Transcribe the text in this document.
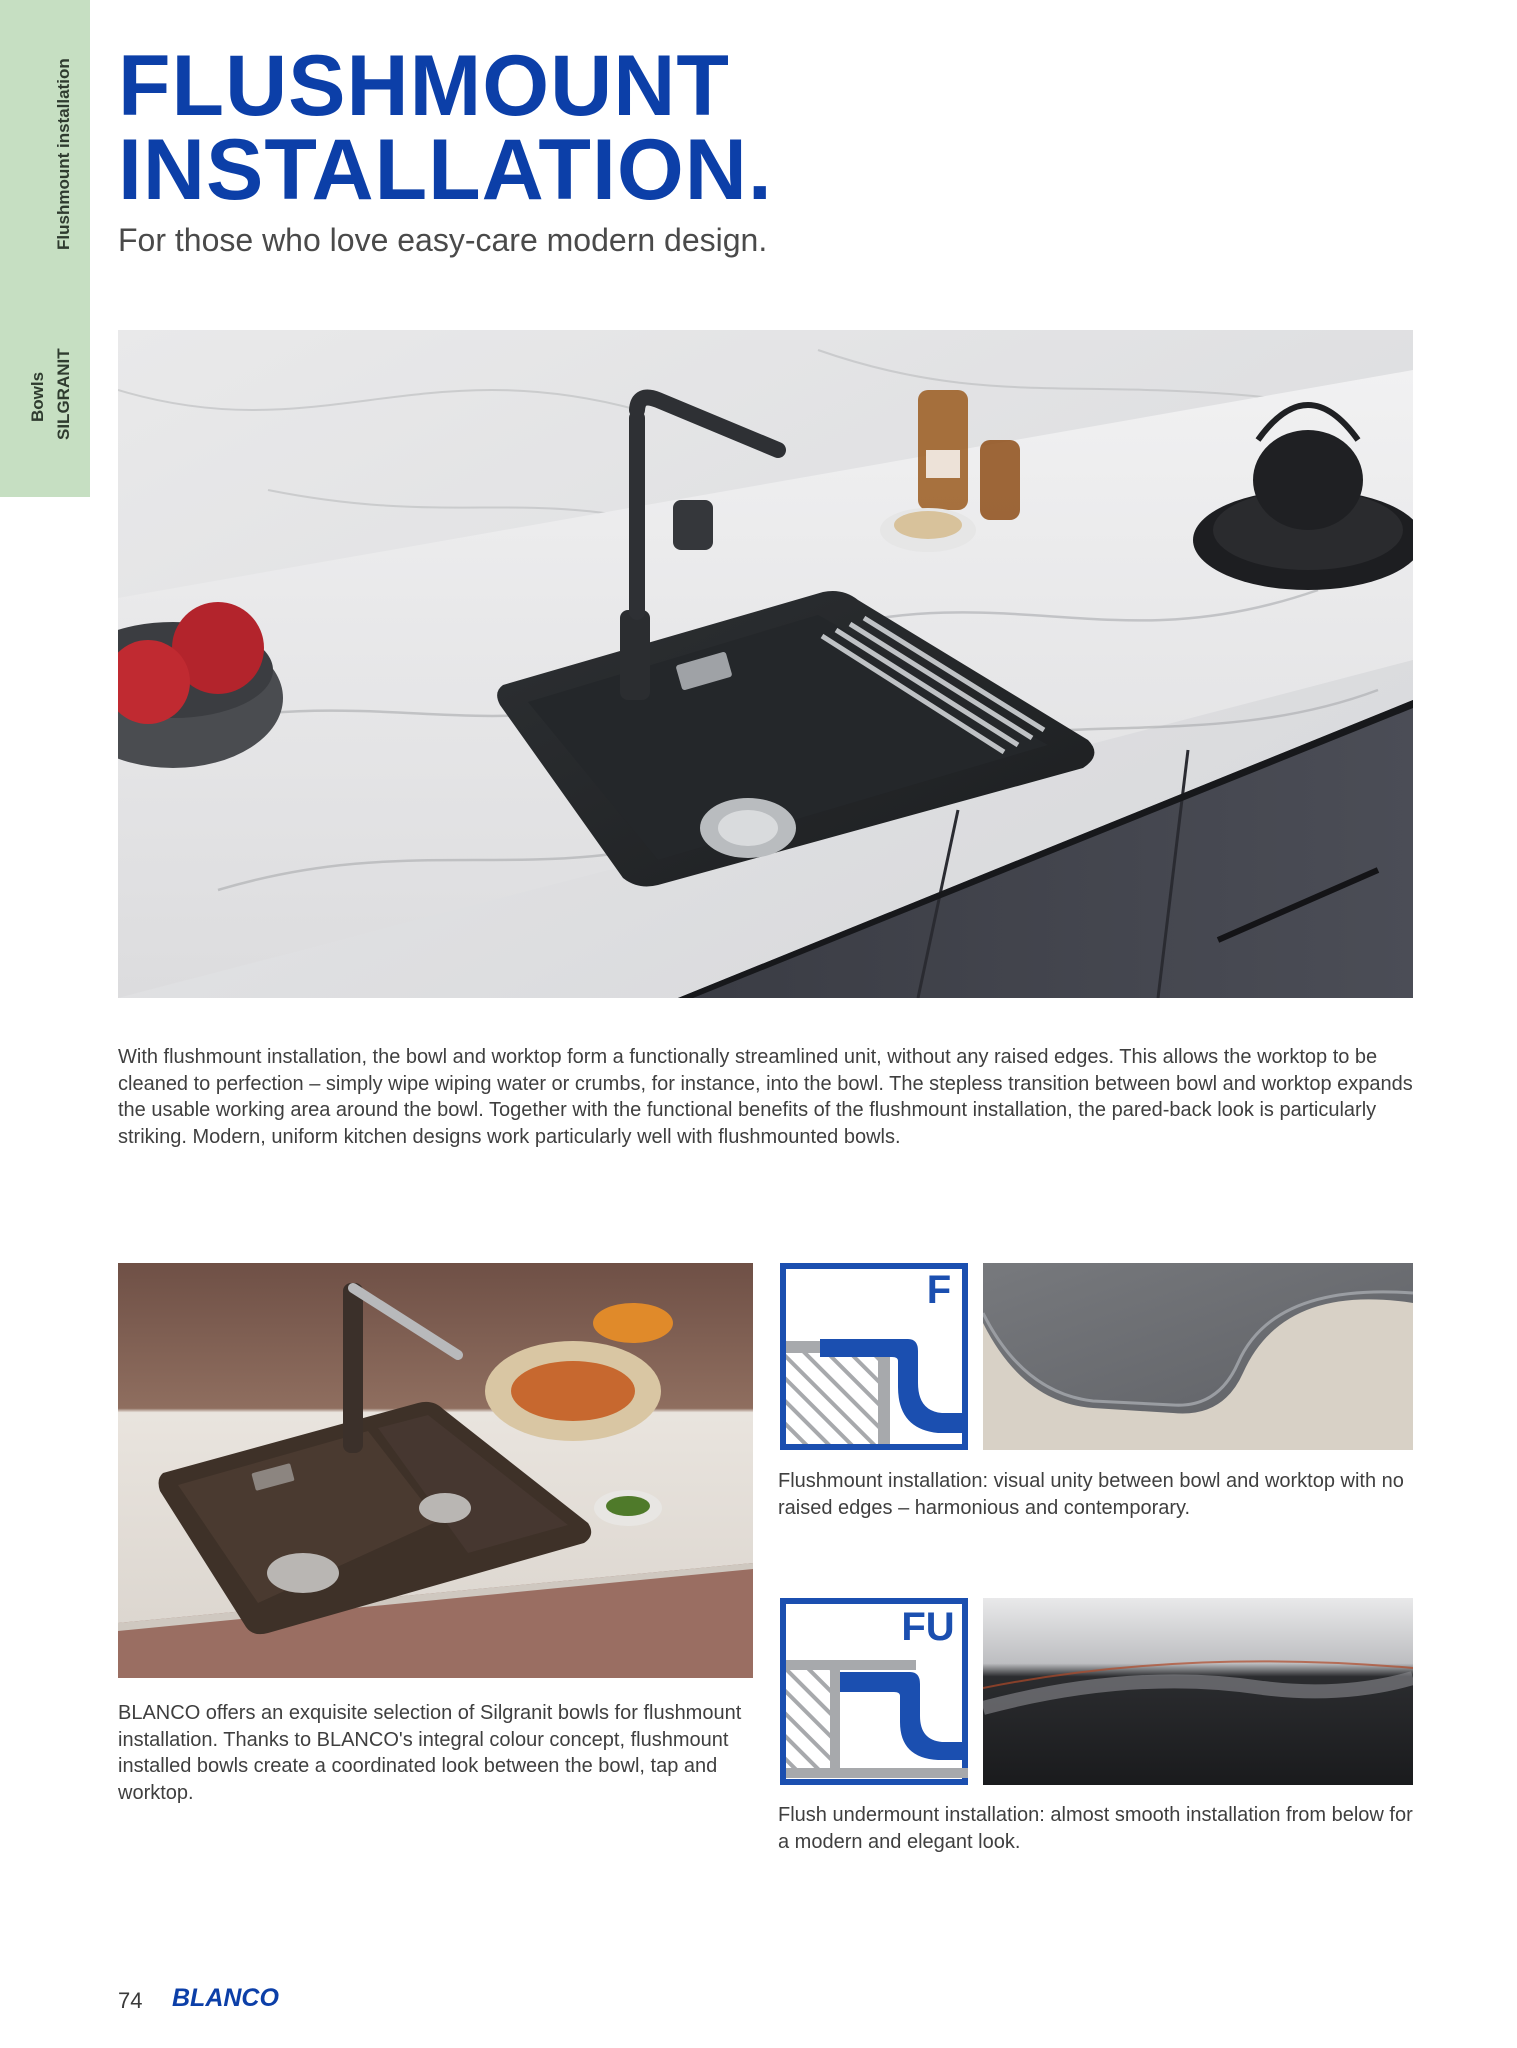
Flushmount installation
Bowls SILGRANIT
FLUSHMOUNT
INSTALLATION.

For those who love easy-care modern design.

With flushmount installation, the bowl and worktop form a functionally streamlined unit, without any raised edges. This allows the worktop to be cleaned to perfection – simply wipe wiping water or crumbs, for instance, into the bowl. The stepless transition between bowl and worktop expands the usable working area around the bowl. Together with the functional benefits of the flushmount installation, the pared-back look is particularly striking. Modern, uniform kitchen designs work particularly well with flushmounted bowls.

BLANCO offers an exquisite selection of Silgranit bowls for flushmount installation. Thanks to BLANCO's integral colour concept, flushmount installed bowls create a coordinated look between the bowl, tap and worktop.

F

Flushmount installation: visual unity between bowl and worktop with no raised edges – harmonious and contemporary.

FU

Flush undermount installation: almost smooth installation from below for a modern and elegant look.

74 BLANCO
